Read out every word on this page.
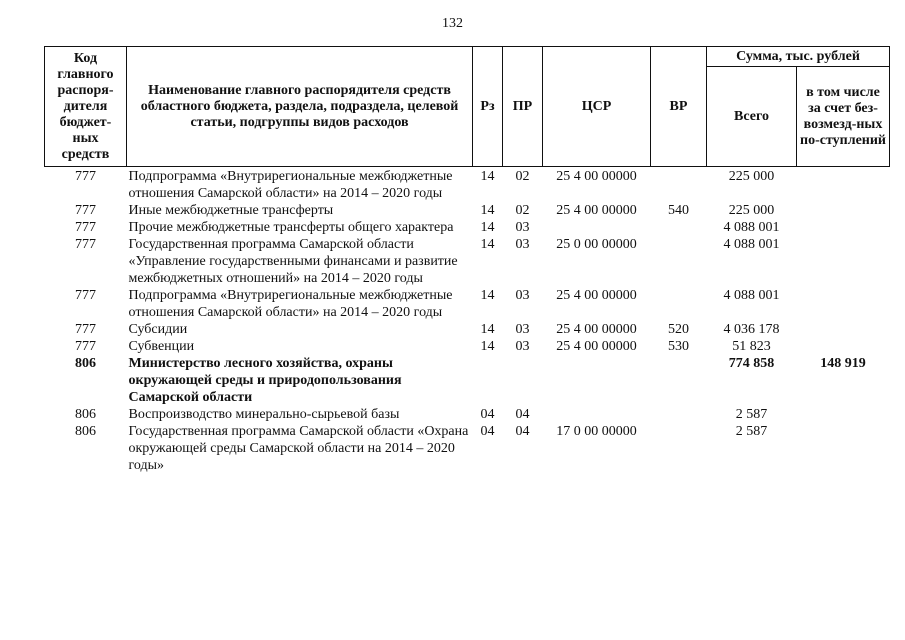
132
Код главного распоря-дителя бюджет-ных средств	Наименование главного распорядителя средств областного бюджета, раздела, подраздела, целевой статьи, подгруппы видов расходов	Рз	ПР	ЦСР	ВР	Сумма, тыс. рублей	
						Всего	в том числе за счет без-возмезд-ных по-ступлений
777	Подпрограмма «Внутрирегиональные межбюджетные отношения Самарской области» на 2014 – 2020 годы	14	02	25 4 00 00000		225 000	
777	Иные межбюджетные трансферты	14	02	25 4 00 00000	540	225 000	
777	Прочие межбюджетные трансферты общего характера	14	03			4 088 001	
777	Государственная программа Самарской области «Управление государственными финансами и развитие межбюджетных отношений» на 2014 – 2020 годы	14	03	25 0 00 00000		4 088 001	
777	Подпрограмма «Внутрирегиональные межбюджетные отношения Самарской области» на 2014 – 2020 годы	14	03	25 4 00 00000		4 088 001	
777	Субсидии	14	03	25 4 00 00000	520	4 036 178	
777	Субвенции	14	03	25 4 00 00000	530	51 823	
806	Министерство лесного хозяйства, охраны окружающей среды и природопользования Самарской области					774 858	148 919
806	Воспроизводство минерально-сырьевой базы	04	04			2 587	
806	Государственная программа Самарской области «Охрана окружающей среды Самарской области на 2014 – 2020 годы»	04	04	17 0 00 00000		2 587	
